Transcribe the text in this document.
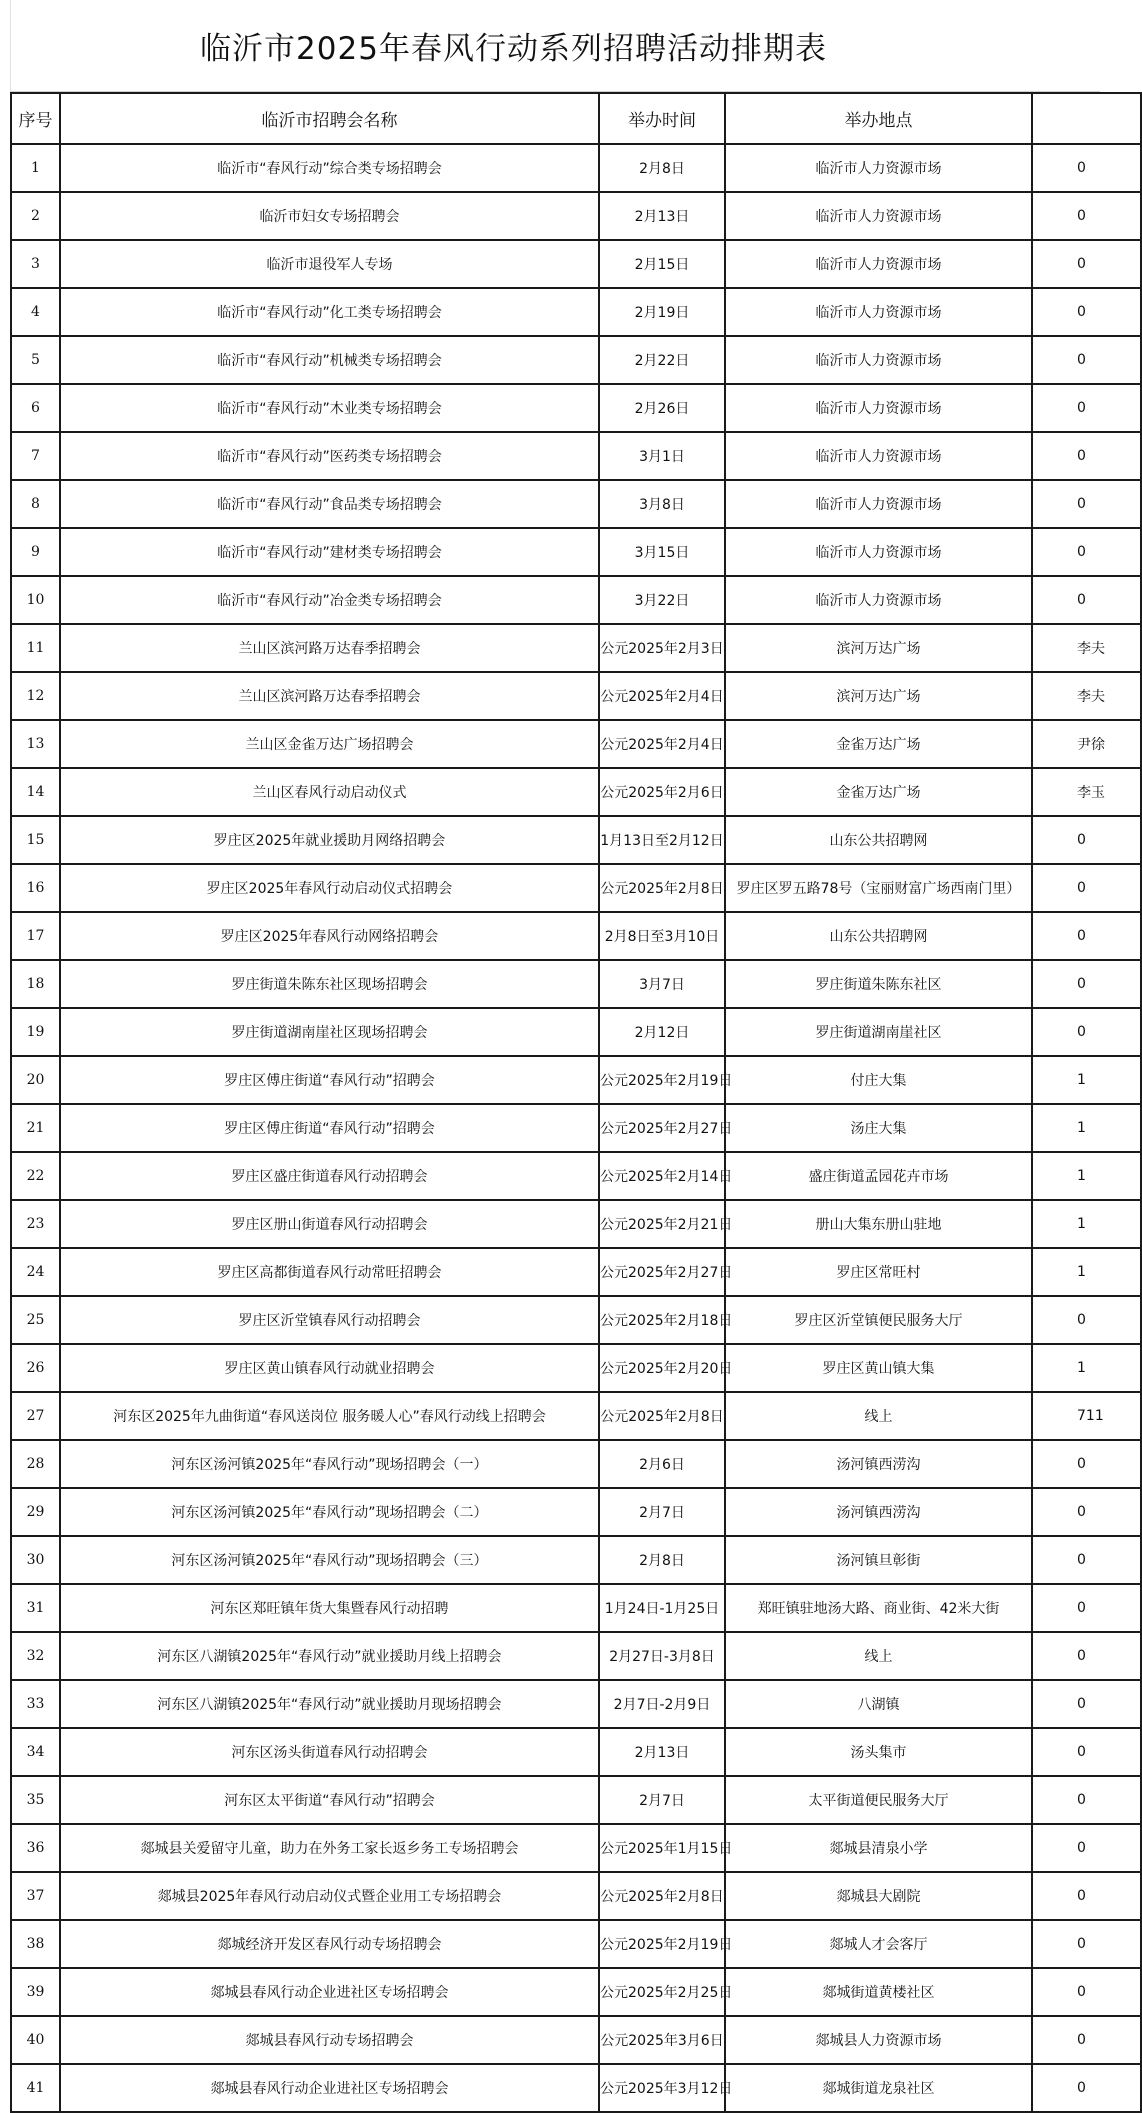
临沂市2025年春风行动系列招聘活动排期表
序号	临沂市招聘会名称	举办时间	举办地点	
1	临沂市“春风行动”综合类专场招聘会	2月8日	临沂市人力资源市场	0
2	临沂市妇女专场招聘会	2月13日	临沂市人力资源市场	0
3	临沂市退役军人专场	2月15日	临沂市人力资源市场	0
4	临沂市“春风行动”化工类专场招聘会	2月19日	临沂市人力资源市场	0
5	临沂市“春风行动”机械类专场招聘会	2月22日	临沂市人力资源市场	0
6	临沂市“春风行动”木业类专场招聘会	2月26日	临沂市人力资源市场	0
7	临沂市“春风行动”医药类专场招聘会	3月1日	临沂市人力资源市场	0
8	临沂市“春风行动”食品类专场招聘会	3月8日	临沂市人力资源市场	0
9	临沂市“春风行动”建材类专场招聘会	3月15日	临沂市人力资源市场	0
10	临沂市“春风行动”冶金类专场招聘会	3月22日	临沂市人力资源市场	0
11	兰山区滨河路万达春季招聘会	公元2025年2月3日	滨河万达广场	李夫
12	兰山区滨河路万达春季招聘会	公元2025年2月4日	滨河万达广场	李夫
13	兰山区金雀万达广场招聘会	公元2025年2月4日	金雀万达广场	尹徐
14	兰山区春风行动启动仪式	公元2025年2月6日	金雀万达广场	李玉
15	罗庄区2025年就业援助月网络招聘会	1月13日至2月12日	山东公共招聘网	0
16	罗庄区2025年春风行动启动仪式招聘会	公元2025年2月8日	罗庄区罗五路78号（宝丽财富广场西南门里）	0
17	罗庄区2025年春风行动网络招聘会	2月8日至3月10日	山东公共招聘网	0
18	罗庄街道朱陈东社区现场招聘会	3月7日	罗庄街道朱陈东社区	0
19	罗庄街道湖南崖社区现场招聘会	2月12日	罗庄街道湖南崖社区	0
20	罗庄区傅庄街道“春风行动”招聘会	公元2025年2月19日	付庄大集	1
21	罗庄区傅庄街道“春风行动”招聘会	公元2025年2月27日	汤庄大集	1
22	罗庄区盛庄街道春风行动招聘会	公元2025年2月14日	盛庄街道孟园花卉市场	1
23	罗庄区册山街道春风行动招聘会	公元2025年2月21日	册山大集东册山驻地	1
24	罗庄区高都街道春风行动常旺招聘会	公元2025年2月27日	罗庄区常旺村	1
25	罗庄区沂堂镇春风行动招聘会	公元2025年2月18日	罗庄区沂堂镇便民服务大厅	0
26	罗庄区黄山镇春风行动就业招聘会	公元2025年2月20日	罗庄区黄山镇大集	1
27	河东区2025年九曲街道“春风送岗位 服务暖人心”春风行动线上招聘会	公元2025年2月8日	线上	711
28	河东区汤河镇2025年“春风行动”现场招聘会（一）	2月6日	汤河镇西涝沟	0
29	河东区汤河镇2025年“春风行动”现场招聘会（二）	2月7日	汤河镇西涝沟	0
30	河东区汤河镇2025年“春风行动”现场招聘会（三）	2月8日	汤河镇旦彰街	0
31	河东区郑旺镇年货大集暨春风行动招聘	1月24日-1月25日	郑旺镇驻地汤大路、商业街、42米大街	0
32	河东区八湖镇2025年“春风行动”就业援助月线上招聘会	2月27日-3月8日	线上	0
33	河东区八湖镇2025年“春风行动”就业援助月现场招聘会	2月7日-2月9日	八湖镇	0
34	河东区汤头街道春风行动招聘会	2月13日	汤头集市	0
35	河东区太平街道“春风行动”招聘会	2月7日	太平街道便民服务大厅	0
36	郯城县关爱留守儿童，助力在外务工家长返乡务工专场招聘会	公元2025年1月15日	郯城县清泉小学	0
37	郯城县2025年春风行动启动仪式暨企业用工专场招聘会	公元2025年2月8日	郯城县大剧院	0
38	郯城经济开发区春风行动专场招聘会	公元2025年2月19日	郯城人才会客厅	0
39	郯城县春风行动企业进社区专场招聘会	公元2025年2月25日	郯城街道黄楼社区	0
40	郯城县春风行动专场招聘会	公元2025年3月6日	郯城县人力资源市场	0
41	郯城县春风行动企业进社区专场招聘会	公元2025年3月12日	郯城街道龙泉社区	0
